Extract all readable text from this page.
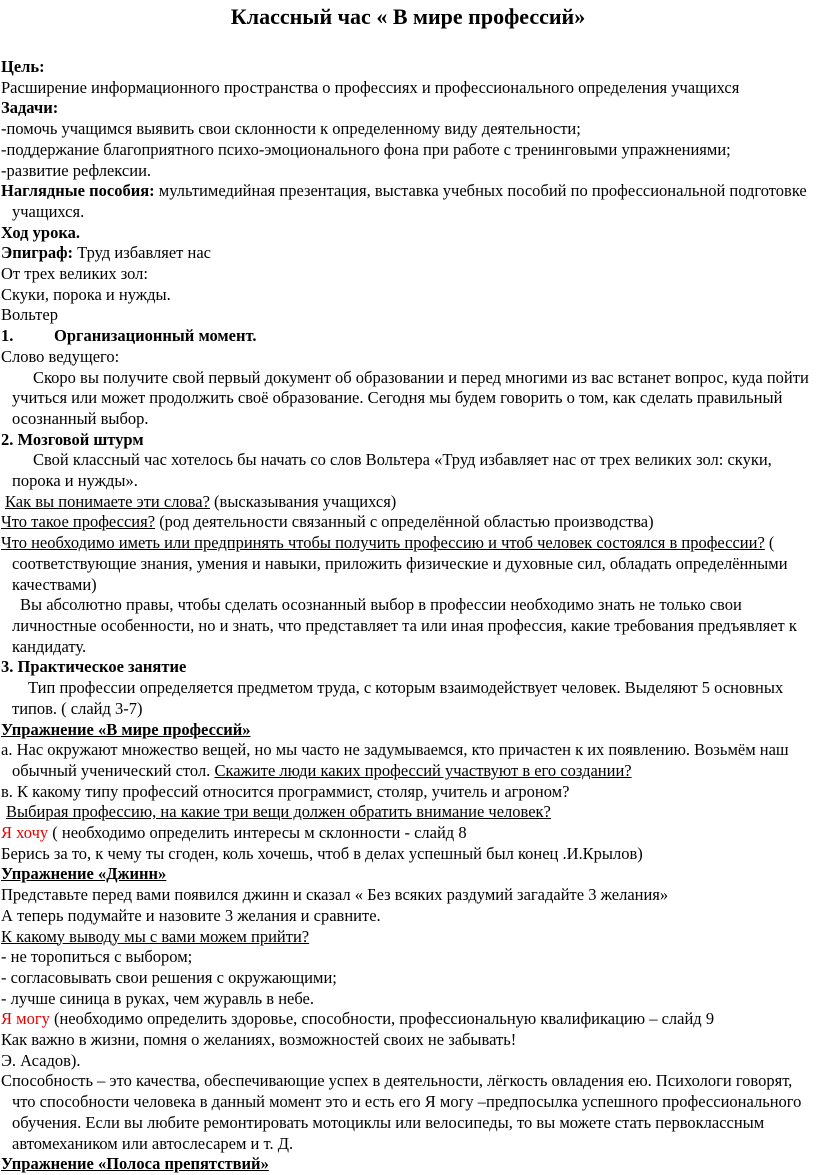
Классный час « В мире профессий»

Цель:

Расширение информационного пространства о профессиях и профессионального определения учащихся

Задачи:

-помочь учащимся выявить свои склонности к определенному виду деятельности;

-поддержание благоприятного психо-эмоционального фона при работе с тренинговыми упражнениями;

-развитие рефлексии.

Наглядные пособия: мультимедийная презентация, выставка учебных пособий по профессиональной подготовке учащихся.

Ход урока.

Эпиграф: Труд избавляет нас

От трех великих зол:

Скуки, порока и нужды.

Вольтер

1. Организационный момент.

Слово ведущего:

Скоро вы получите свой первый документ об образовании и перед многими из вас встанет вопрос, куда пойти учиться или может продолжить своё образование. Сегодня мы будем говорить о том, как сделать правильный осознанный выбор.

2. Мозговой штурм

Свой классный час хотелось бы начать со слов Вольтера «Труд избавляет нас от трех великих зол: скуки, порока и нужды».

Как вы понимаете эти слова? (высказывания учащихся)

Что такое профессия? (род деятельности связанный с определённой областью производства)

Что необходимо иметь или предпринять чтобы получить профессию и чтоб человек состоялся в профессии? ( соответствующие знания, умения и навыки, приложить физические и духовные сил, обладать определёнными качествами)

Вы абсолютно правы, чтобы сделать осознанный выбор в профессии необходимо знать не только свои личностные особенности, но и знать, что представляет та или иная профессия, какие требования предъявляет к кандидату.

3. Практическое занятие

Тип профессии определяется предметом труда, с которым взаимодействует человек. Выделяют 5 основных типов. ( слайд 3-7)

Упражнение «В мире профессий»

а. Нас окружают множество вещей, но мы часто не задумываемся, кто причастен к их появлению. Возьмём наш обычный ученический стол. Скажите люди каких профессий участвуют в его создании?

в. К какому типу профессий относится программист, столяр, учитель и агроном?

Выбирая профессию, на какие три вещи должен обратить внимание человек?

Я хочу ( необходимо определить интересы м склонности - слайд 8

Берись за то, к чему ты сгоден, коль хочешь, чтоб в делах успешный был конец .И.Крылов)

Упражнение «Джинн»

Представьте перед вами появился джинн и сказал « Без всяких раздумий загадайте 3 желания»

А теперь подумайте и назовите 3 желания и сравните.

К какому выводу мы с вами можем прийти?

- не торопиться с выбором;

- согласовывать свои решения с окружающими;

- лучше синица в руках, чем журавль в небе.

Я могу (необходимо определить здоровье, способности, профессиональную квалификацию – слайд 9

Как важно в жизни, помня о желаниях, возможностей своих не забывать!

Э. Асадов).

Способность – это качества, обеспечивающие успех в деятельности, лёгкость овладения ею. Психологи говорят, что способности человека в данный момент это и есть его Я могу –предпосылка успешного профессионального обучения. Если вы любите ремонтировать мотоциклы или велосипеды, то вы можете стать первоклассным автомехаником или автослесарем и т. Д.

Упражнение «Полоса препятствий»
